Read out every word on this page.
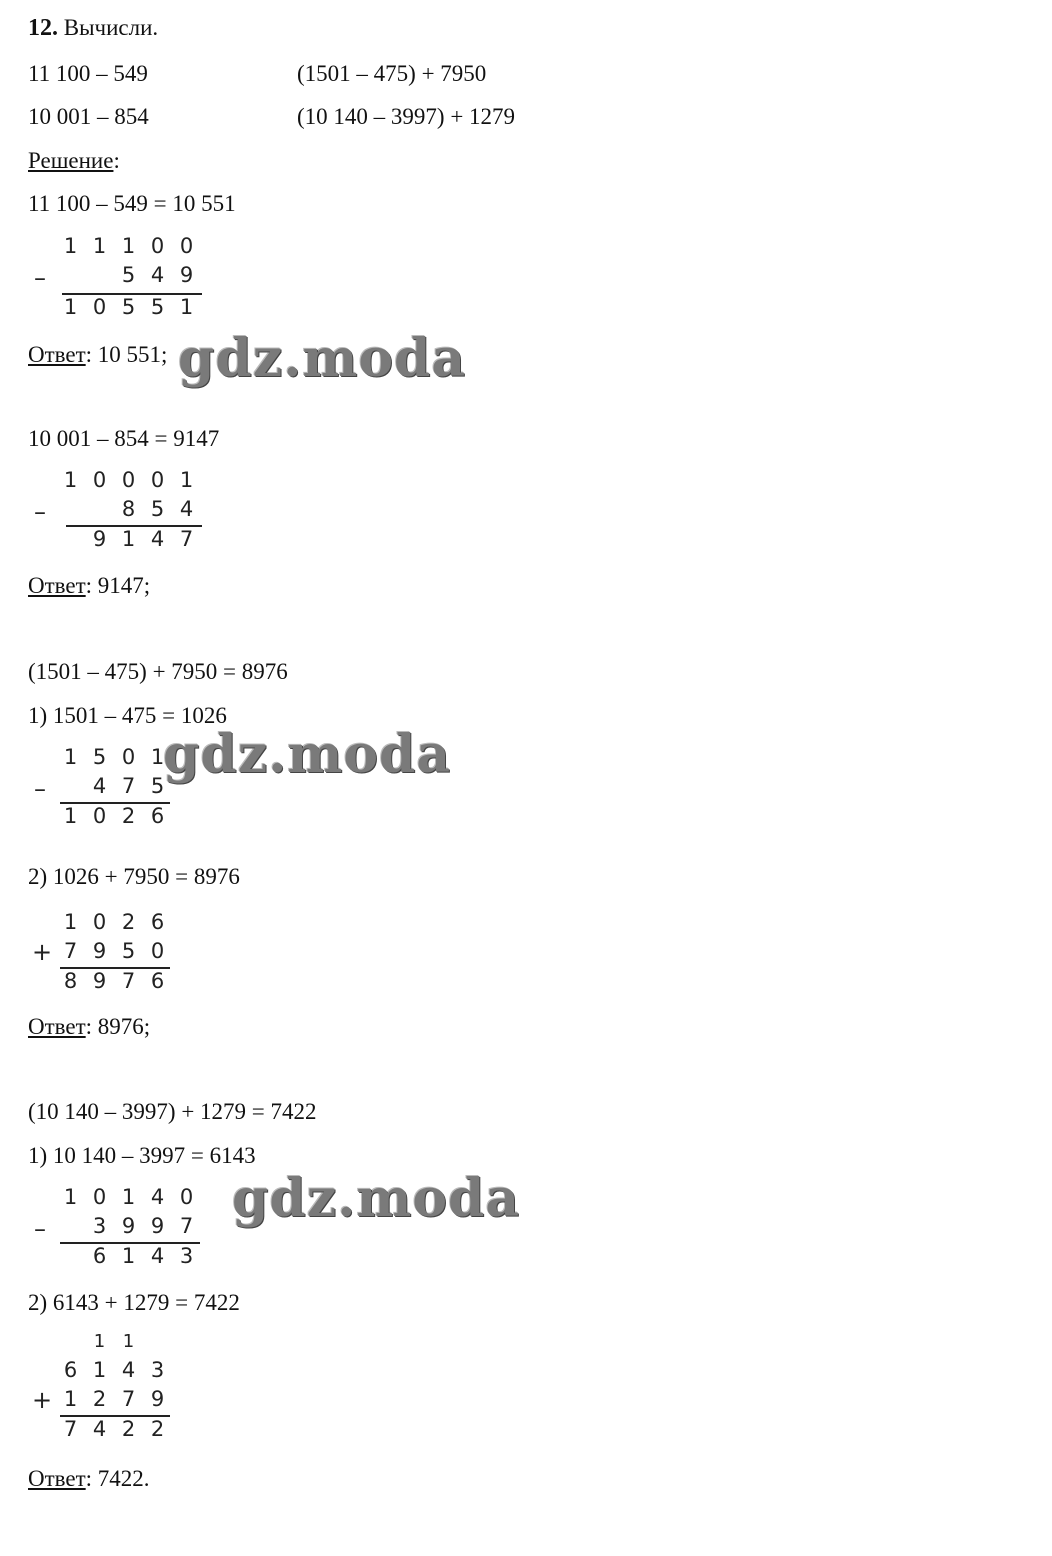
12. Вычисли.
11 100 – 549	(1501 – 475) + 7950
10 001 – 854	(10 140 – 3997) + 1279
Решение:
11 100 – 549 = 10 551
–
1 1 1 0 0
5 4 9
1 0 5 5 1
Ответ: 10 551; gdz.moda
10 001 – 854 = 9147
–
1 0 0 0 1
8 5 4
9 1 4 7
Ответ: 9147;
(1501 – 475) + 7950 = 8976
1) 1501 – 475 = 1026
–
1 5 0 1
4 7 5
1 0 2 6
gdz.moda
2) 1026 + 7950 = 8976
+
1 0 2 6
7 9 5 0
8 9 7 6
Ответ: 8976;
(10 140 – 3997) + 1279 = 7422
1) 10 140 – 3997 = 6143
–
1 0 1 4 0
3 9 9 7
6 1 4 3
gdz.moda
2) 6143 + 1279 = 7422
1 1
+
6 1 4 3
1 2 7 9
7 4 2 2
Ответ: 7422.
